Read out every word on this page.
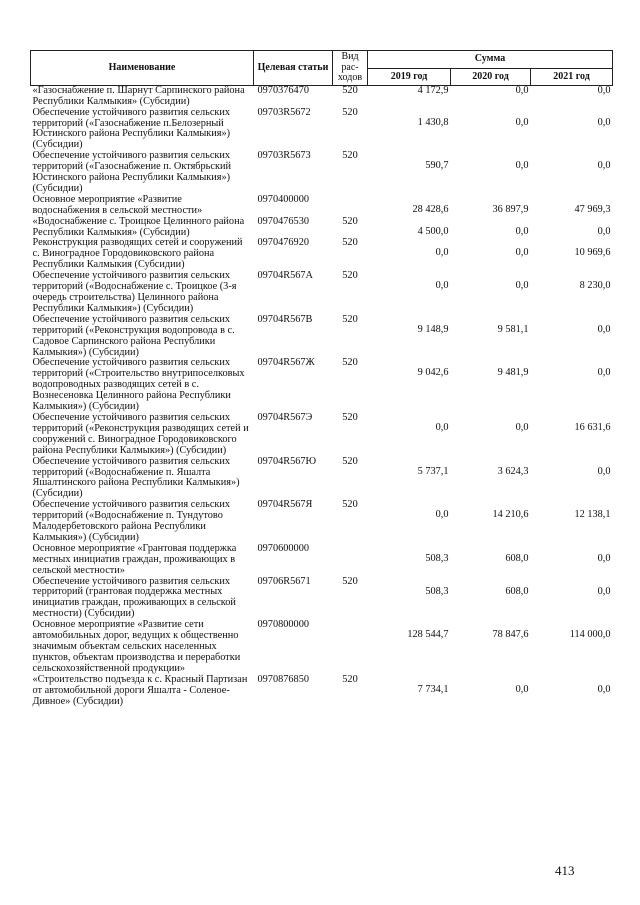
Наименование	Целевая статьи	Вид рас-ходов	Сумма		
			2019 год	2020 год	2021 год
«Газоснабжение п. Шарнут Сарпинского района Республики Калмыкия» (Субсидии)	0970376470	520	4 172,9	0,0	0,0
Обеспечение устойчивого развития сельских территорий («Газоснабжение п.Белозерный Юстинского района Республики Калмыкия») (Субсидии)	09703R5672	520	1 430,8	0,0	0,0
Обеспечение устойчивого развития сельских территорий («Газоснабжение п. Октябрьский Юстинского района Республики Калмыкия») (Субсидии)	09703R5673	520	590,7	0,0	0,0
Основное мероприятие «Развитие водоснабжения в сельской местности»	0970400000		28 428,6	36 897,9	47 969,3
«Водоснабжение с. Троицкое Целинного района Республики Калмыкия» (Субсидии)	0970476530	520	4 500,0	0,0	0,0
Реконструкция разводящих сетей и сооружений с. Виноградное Городовиковского района Республики Калмыкия (Субсидии)	0970476920	520	0,0	0,0	10 969,6
Обеспечение устойчивого развития сельских территорий («Водоснабжение с. Троицкое (3-я очередь строительства) Целинного района Республики Калмыкия») (Субсидии)	09704R567А	520	0,0	0,0	8 230,0
Обеспечение устойчивого развития сельских территорий («Реконструкция водопровода в с. Садовое Сарпинского района Республики Калмыкия») (Субсидии)	09704R567В	520	9 148,9	9 581,1	0,0
Обеспечение устойчивого развития сельских территорий («Строительство внутрипоселковых водопроводных разводящих сетей в с. Вознесеновка Целинного района Республики Калмыкия») (Субсидии)	09704R567Ж	520	9 042,6	9 481,9	0,0
Обеспечение устойчивого развития сельских территорий («Реконструкция разводящих сетей и сооружений с. Виноградное Городовиковского района Республики Калмыкия») (Субсидии)	09704R567Э	520	0,0	0,0	16 631,6
Обеспечение устойчивого развития сельских территорий («Водоснабжение п. Яшалта Яшалтинского района Республики Калмыкия») (Субсидии)	09704R567Ю	520	5 737,1	3 624,3	0,0
Обеспечение устойчивого развития сельских территорий («Водоснабжение п. Тундутово Малодербетовского района Республики Калмыкия») (Субсидии)	09704R567Я	520	0,0	14 210,6	12 138,1
Основное мероприятие «Грантовая поддержка местных инициатив граждан, проживающих в сельской местности»	0970600000		508,3	608,0	0,0
Обеспечение устойчивого развития сельских территорий (грантовая поддержка местных инициатив граждан, проживающих в сельской местности) (Субсидии)	09706R5671	520	508,3	608,0	0,0
Основное мероприятие «Развитие сети автомобильных дорог, ведущих к общественно значимым объектам сельских населенных пунктов, объектам производства и переработки сельскохозяйственной продукции»	0970800000		128 544,7	78 847,6	114 000,0
«Строительство подъезда к с. Красный Партизан от автомобильной дороги Яшалта - Соленое-Дивное» (Субсидии)	0970876850	520	7 734,1	0,0	0,0
413
